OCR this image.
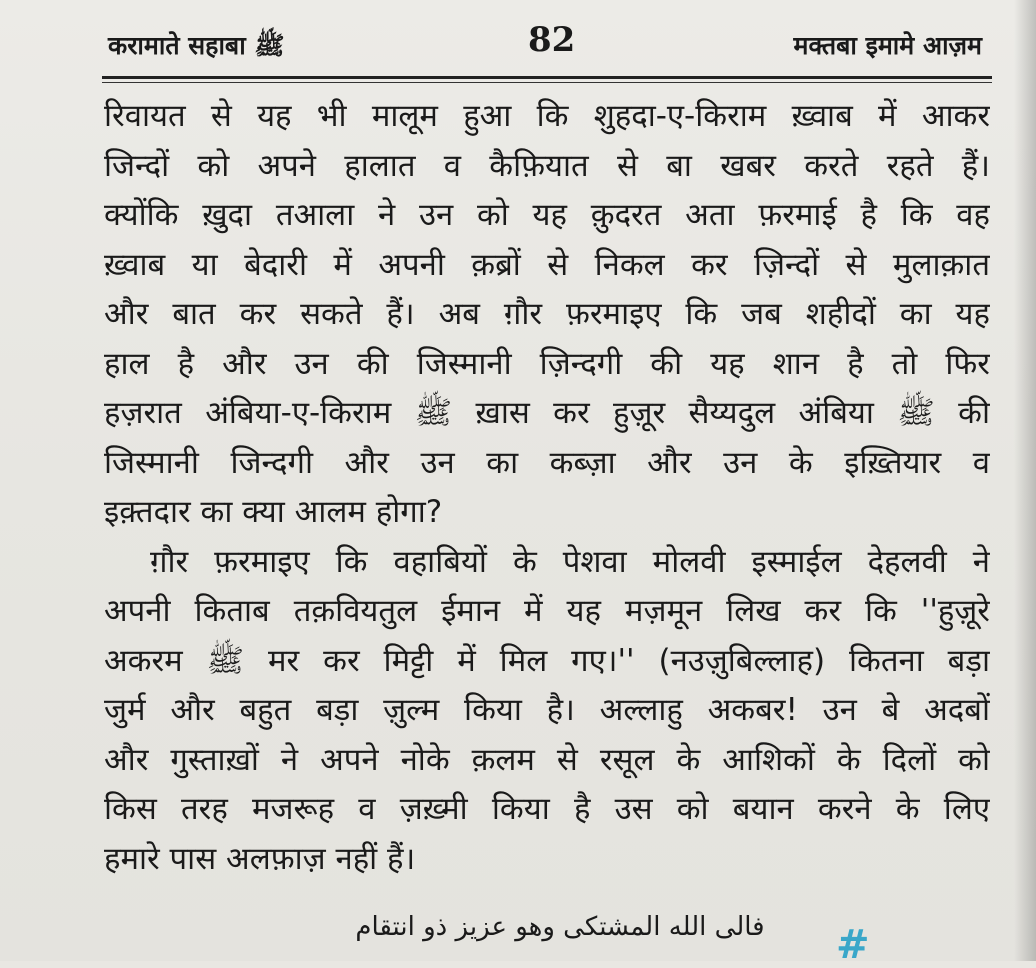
करामाते सहाबा ﷺ	82	मक्तबा इमामे आज़म
रिवायत से यह भी मालूम हुआ कि शुहदा-ए-किराम ख़्वाब में आकर
जिन्दों को अपने हालात व कैफ़ियात से बा खबर करते रहते हैं।
क्योंकि ख़ुदा तआला ने उन को यह क़ुदरत अता फ़रमाई है कि वह
ख़्वाब या बेदारी में अपनी क़ब्रों से निकल कर ज़िन्दों से मुलाक़ात
और बात कर सकते हैं। अब ग़ौर फ़रमाइए कि जब शहीदों का यह
हाल है और उन की जिस्मानी ज़िन्दगी की यह शान है तो फिर
हज़रात अंबिया-ए-किराम ﷺ ख़ास कर हुज़ूर सैय्यदुल अंबिया ﷺ की
जिस्मानी जिन्दगी और उन का कब्ज़ा और उन के इख़्तियार व
इक़्तदार का क्या आलम होगा?
ग़ौर फ़रमाइए कि वहाबियों के पेशवा मोलवी इस्माईल देहलवी ने
अपनी किताब तक़वियतुल ईमान में यह मज़मून लिख कर कि ''हुज़ूरे
अकरम ﷺ मर कर मिट्टी में मिल गए।'' (नउज़ुबिल्लाह) कितना बड़ा
जुर्म और बहुत बड़ा ज़ुल्म किया है। अल्लाहु अकबर! उन बे अदबों
और गुस्ताख़ों ने अपने नोके क़लम से रसूल के आशिकों के दिलों को
किस तरह मजरूह व ज़ख़्मी किया है उस को बयान करने के लिए
हमारे पास अलफ़ाज़ नहीं हैं।
فالی الله المشتکی وھو عزیز ذو انتقام	#
